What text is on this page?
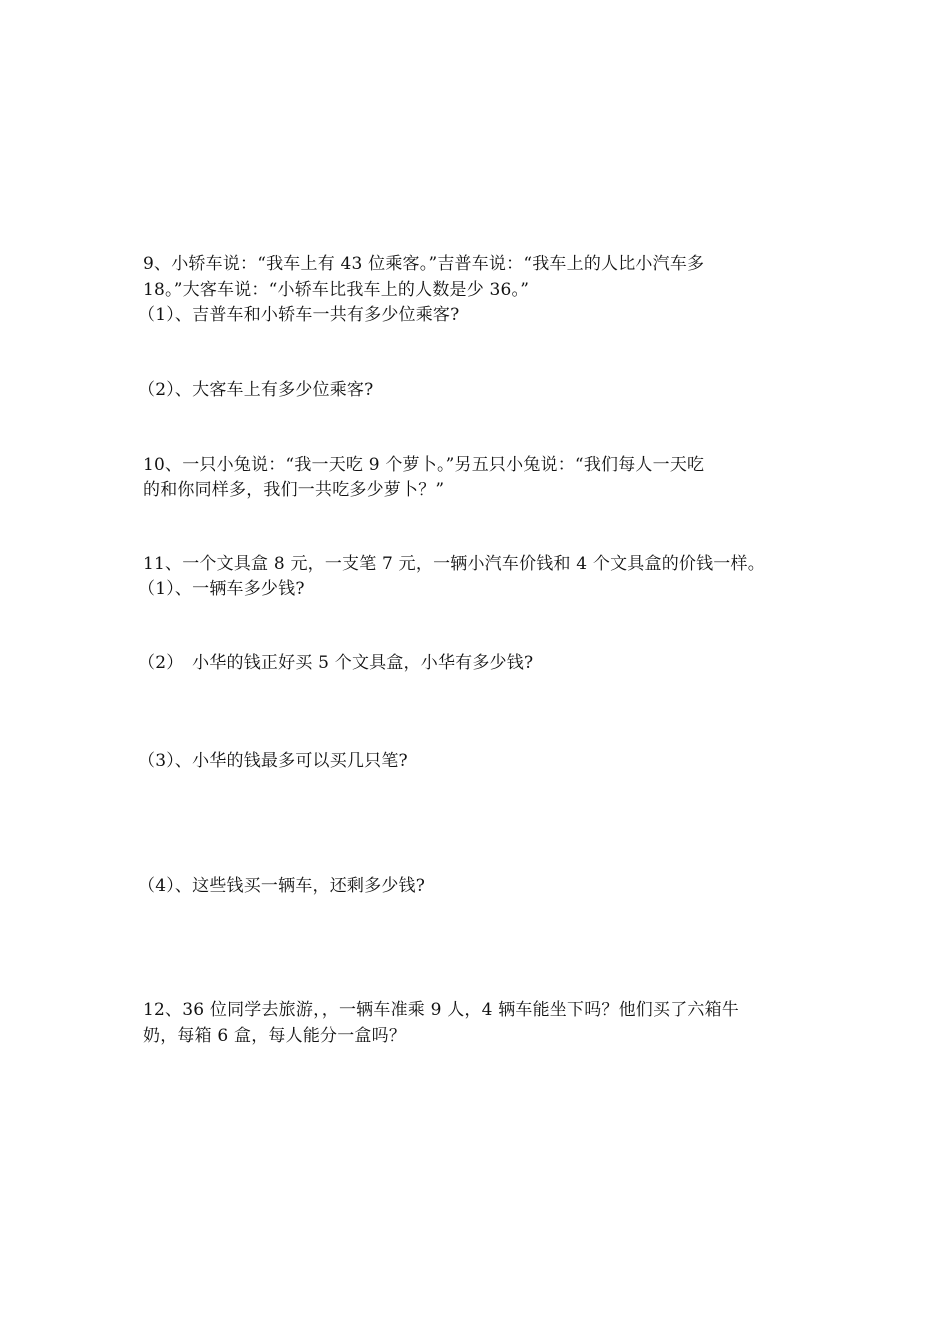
9、小轿车说：“我车上有 43 位乘客。”吉普车说：“我车上的人比小汽车多
18。”大客车说：“小轿车比我车上的人数是少 36。”
（1）、吉普车和小轿车一共有多少位乘客?
（2）、大客车上有多少位乘客?
10、一只小兔说：“我一天吃 9 个萝卜。”另五只小兔说：“我们每人一天吃
的和你同样多，我们一共吃多少萝卜？”
11、一个文具盒 8 元，一支笔 7 元，一辆小汽车价钱和 4 个文具盒的价钱一样。
（1）、一辆车多少钱?
（2）　小华的钱正好买 5 个文具盒，小华有多少钱?
（3）、小华的钱最多可以买几只笔?
（4）、这些钱买一辆车，还剩多少钱?
12、36 位同学去旅游，，一辆车准乘 9 人，4 辆车能坐下吗？他们买了六箱牛
奶，每箱 6 盒，每人能分一盒吗？
